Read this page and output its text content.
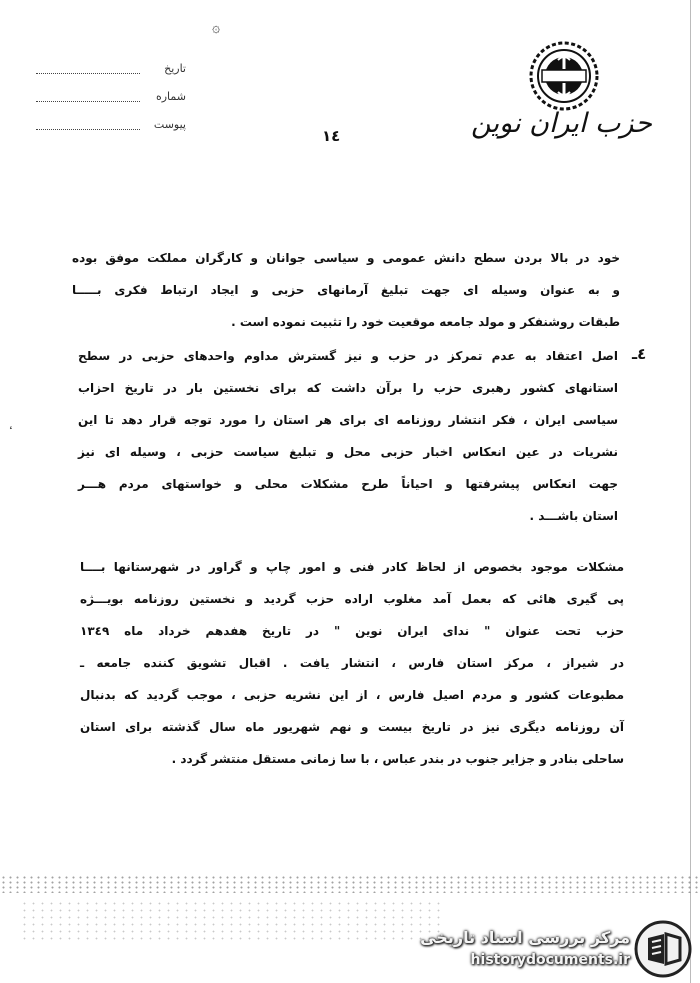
۞
حزب ایران نوین
تاریخ
شماره
پیوست
١٤
خود در بالا بردن سطح دانش عمومی و سیاسی جوانان و کارگران مملکت موفق بوده
و به عنوان وسیله ای جهت تبلیغ آرمانهای حزبی و ایجاد ارتباط فکری بـــــا
طبقات روشنفکر و مولد جامعه موقعیت خود را تثبیت نموده است .
٤ـ
اصل اعتقاد به عدم تمرکز در حزب و نیز گسترش مداوم واحدهای حزبی در سطح
استانهای کشور رهبری حزب را برآن داشت که برای نخستین بار در تاریخ احزاب
سیاسی ایران ، فکر انتشار روزنامه ای برای هر استان را مورد توجه قرار دهد تا این
نشریات در عین انعکاس اخبار حزبی محل و تبلیغ سیاست حزبی ، وسیله ای نیز
جهت انعکاس پیشرفتها و احیاناً طرح مشکلات محلی و خواستهای مردم هـــر
استان باشـــد .
مشکلات موجود بخصوص از لحاظ کادر فنی و امور چاپ و گراور در شهرستانها بــــا
پی گیری هائی که بعمل آمد مغلوب اراده حزب گردید و نخستین روزنامه بویـــژه
حزب تحت عنوان " ندای ایران نوین " در تاریخ هفدهم خرداد ماه ١٣٤٩
در شیراز ، مرکز استان فارس ، انتشار یافت . اقبال تشویق کننده جامعه ـ
مطبوعات کشور و مردم اصیل فارس ، از این نشریه حزبی ، موجب گردید که بدنبال
آن روزنامه دیگری نیز در تاریخ بیست و نهم شهریور ماه سال گذشته برای استان
ساحلی بنادر و جزایر جنوب در بندر عباس ، با سا زمانی مستقل منتشر گردد .
مرکز بررسی اسناد تاریخی
historydocuments.ir
